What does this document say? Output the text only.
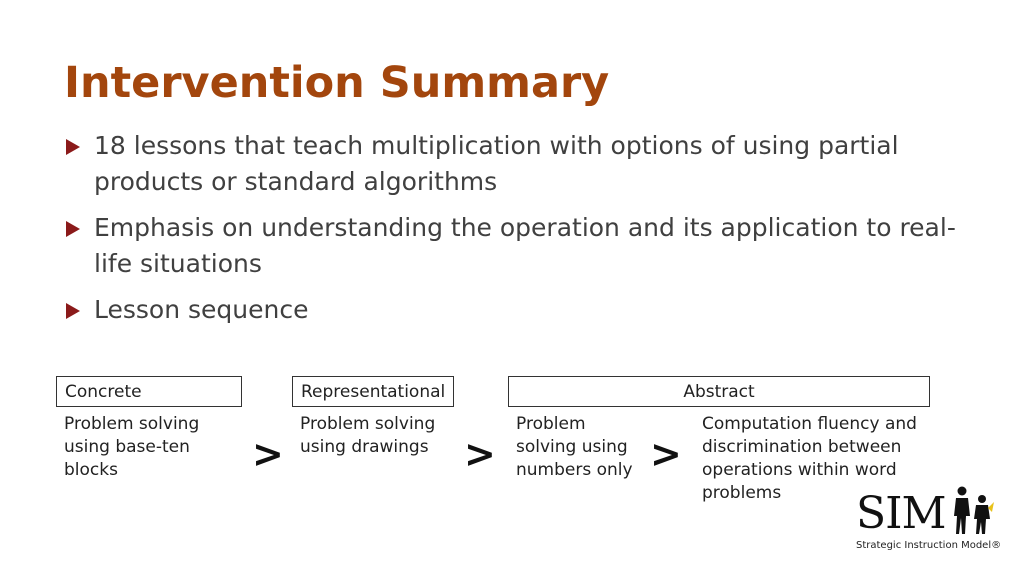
Intervention Summary
18 lessons that teach multiplication with options of using partial products or standard algorithms
Emphasis on understanding the operation and its application to real-life situations
Lesson sequence
Concrete	Representational	Abstract
Problem solving using base-ten blocks
Problem solving using drawings
Problem solving using numbers only
Computation fluency and discrimination between operations within word problems
>	>	>
SIM
Strategic Instruction Model®
